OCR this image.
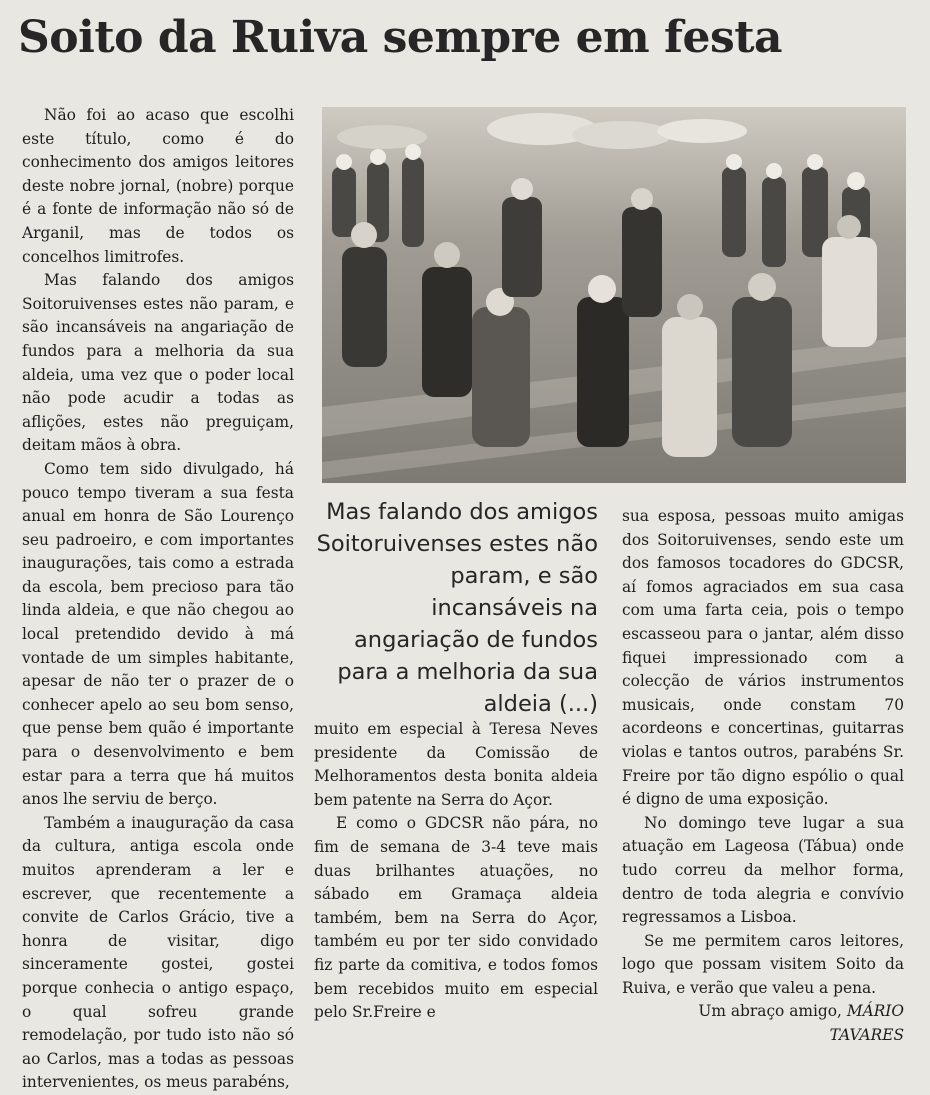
Soito da Ruiva sempre em festa

Não foi ao acaso que escolhi este título, como é do conhecimento dos amigos leitores deste nobre jornal, (nobre) porque é a fonte de informação não só de Arganil, mas de todos os concelhos limitrofes.

Mas falando dos amigos Soitoruivenses estes não param, e são incansáveis na angariação de fundos para a melhoria da sua aldeia, uma vez que o poder local não pode acudir a todas as aflições, estes não preguiçam, deitam mãos à obra.

Como tem sido divulgado, há pouco tempo tiveram a sua festa anual em honra de São Lourenço seu padroeiro, e com importantes inaugurações, tais como a estrada da escola, bem precioso para tão linda aldeia, e que não chegou ao local pretendido devido à má vontade de um simples habitante, apesar de não ter o prazer de o conhecer apelo ao seu bom senso, que pense bem quão é importante para o desenvolvimento e bem estar para a terra que há muitos anos lhe serviu de berço.

Também a inauguração da casa da cultura, antiga escola onde muitos aprenderam a ler e escrever, que recentemente a convite de Carlos Grácio, tive a honra de visitar, digo sinceramente gostei, gostei porque conhecia o antigo espaço, o qual sofreu grande remodelação, por tudo isto não só ao Carlos, mas a todas as pessoas intervenientes, os meus parabéns,

Mas falando dos amigos Soitoruivenses estes não param, e são incansáveis na angariação de fundos para a melhoria da sua aldeia (...)

muito em especial à Teresa Neves presidente da Comissão de Melhoramentos desta bonita aldeia bem patente na Serra do Açor.

E como o GDCSR não pára, no fim de semana de 3-4 teve mais duas brilhantes atuações, no sábado em Gramaça aldeia também, bem na Serra do Açor, também eu por ter sido convidado fiz parte da comitiva, e todos fomos bem recebidos muito em especial pelo Sr.Freire e

sua esposa, pessoas muito amigas dos Soitoruivenses, sendo este um dos famosos tocadores do GDCSR, aí fomos agraciados em sua casa com uma farta ceia, pois o tempo escasseou para o jantar, além disso fiquei impressionado com a colecção de vários instrumentos musicais, onde constam 70 acordeons e concertinas, guitarras violas e tantos outros, parabéns Sr. Freire por tão digno espólio o qual é digno de uma exposição.

No domingo teve lugar a sua atuação em Lageosa (Tábua) onde tudo correu da melhor forma, dentro de toda alegria e convívio regressamos a Lisboa.

Se me permitem caros leitores, logo que possam visitem Soito da Ruiva, e verão que valeu a pena.

Um abraço amigo, MÁRIO TAVARES
